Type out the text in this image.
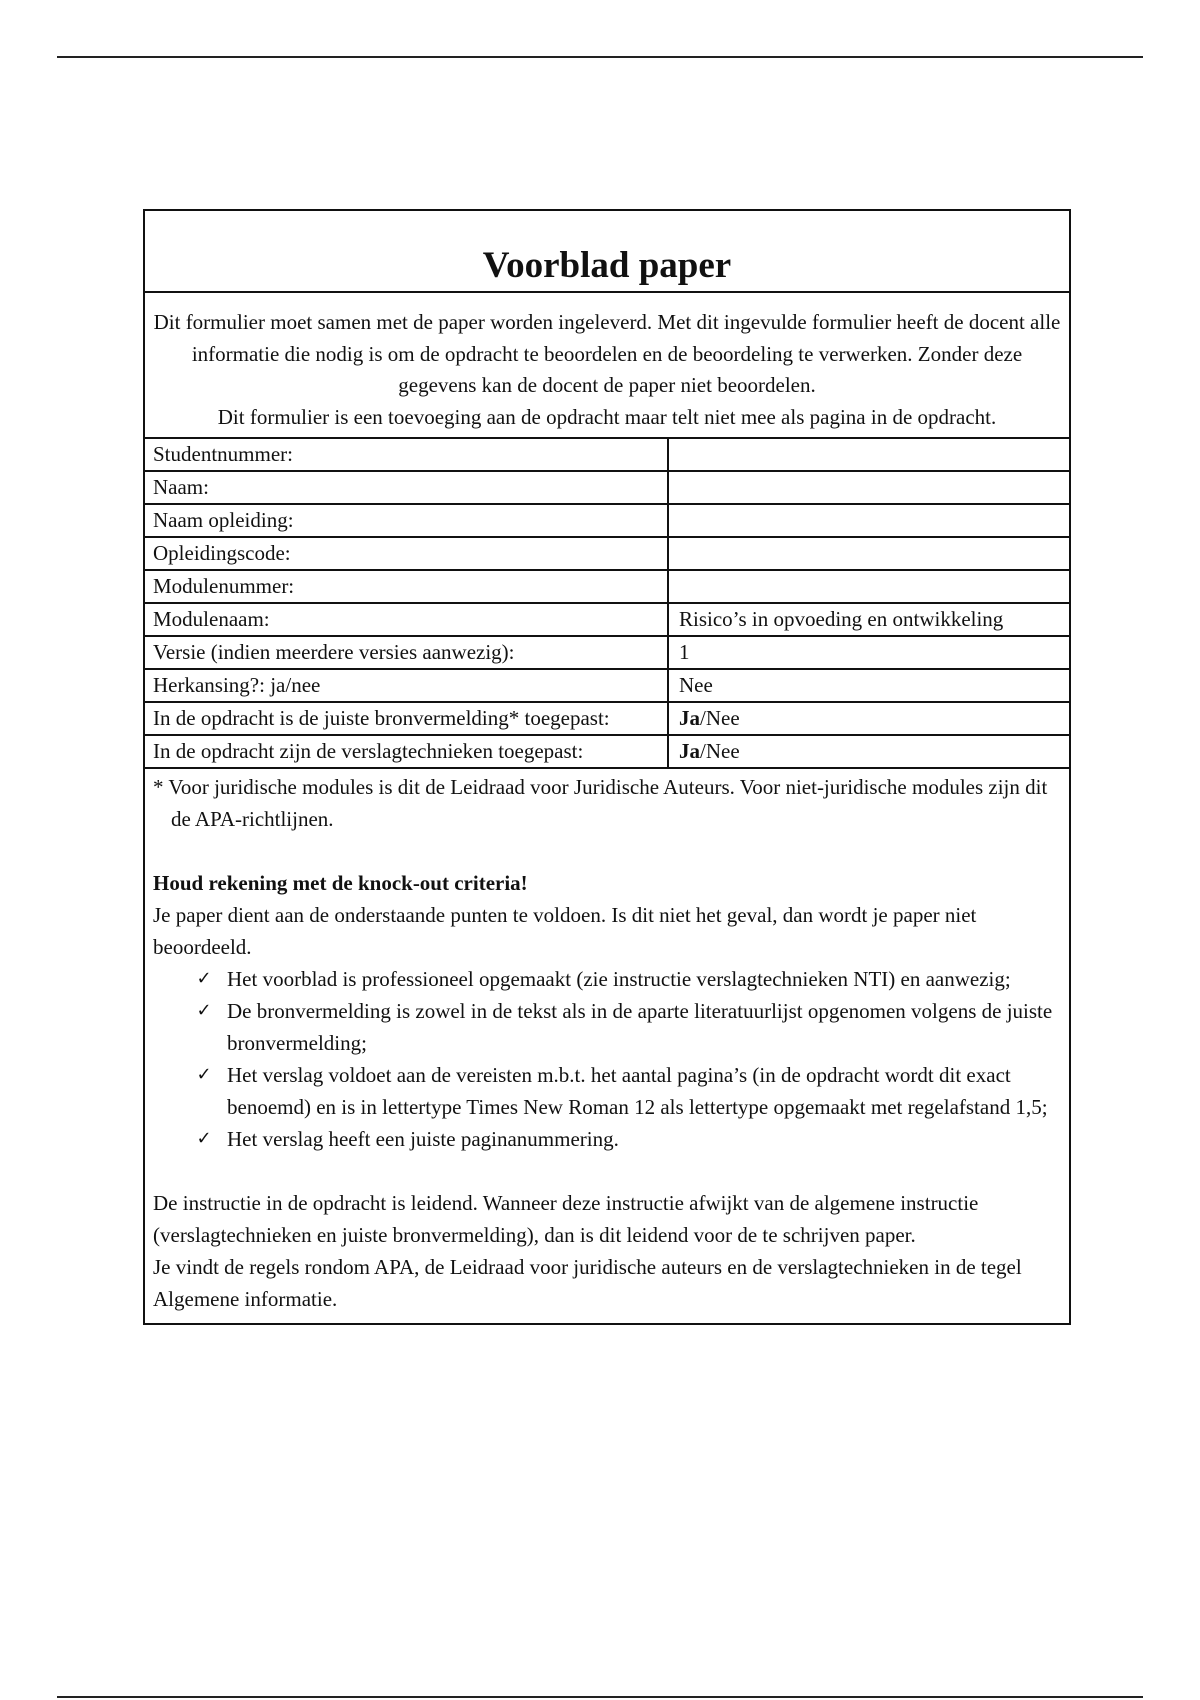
Voorblad paper

Dit formulier moet samen met de paper worden ingeleverd. Met dit ingevulde formulier heeft de docent alle informatie die nodig is om de opdracht te beoordelen en de beoordeling te verwerken. Zonder deze gegevens kan de docent de paper niet beoordelen.

Dit formulier is een toevoeging aan de opdracht maar telt niet mee als pagina in de opdracht.

Studentnummer:
Naam:
Naam opleiding:
Opleidingscode:
Modulenummer:
Modulenaam:	Risico’s in opvoeding en ontwikkeling
Versie (indien meerdere versies aanwezig):	1
Herkansing?: ja/nee	Nee
In de opdracht is de juiste bronvermelding* toegepast:	Ja/Nee
In de opdracht zijn de verslagtechnieken toegepast:	Ja/Nee

* Voor juridische modules is dit de Leidraad voor Juridische Auteurs. Voor niet-juridische modules zijn dit de APA-richtlijnen.

Houd rekening met de knock-out criteria!

Je paper dient aan de onderstaande punten te voldoen. Is dit niet het geval, dan wordt je paper niet beoordeeld.

✓ Het voorblad is professioneel opgemaakt (zie instructie verslagtechnieken NTI) en aanwezig;
✓ De bronvermelding is zowel in de tekst als in de aparte literatuurlijst opgenomen volgens de juiste bronvermelding;
✓ Het verslag voldoet aan de vereisten m.b.t. het aantal pagina’s (in de opdracht wordt dit exact benoemd) en is in lettertype Times New Roman 12 als lettertype opgemaakt met regelafstand 1,5;
✓ Het verslag heeft een juiste paginanummering.

De instructie in de opdracht is leidend. Wanneer deze instructie afwijkt van de algemene instructie (verslagtechnieken en juiste bronvermelding), dan is dit leidend voor de te schrijven paper.

Je vindt de regels rondom APA, de Leidraad voor juridische auteurs en de verslagtechnieken in de tegel Algemene informatie.
